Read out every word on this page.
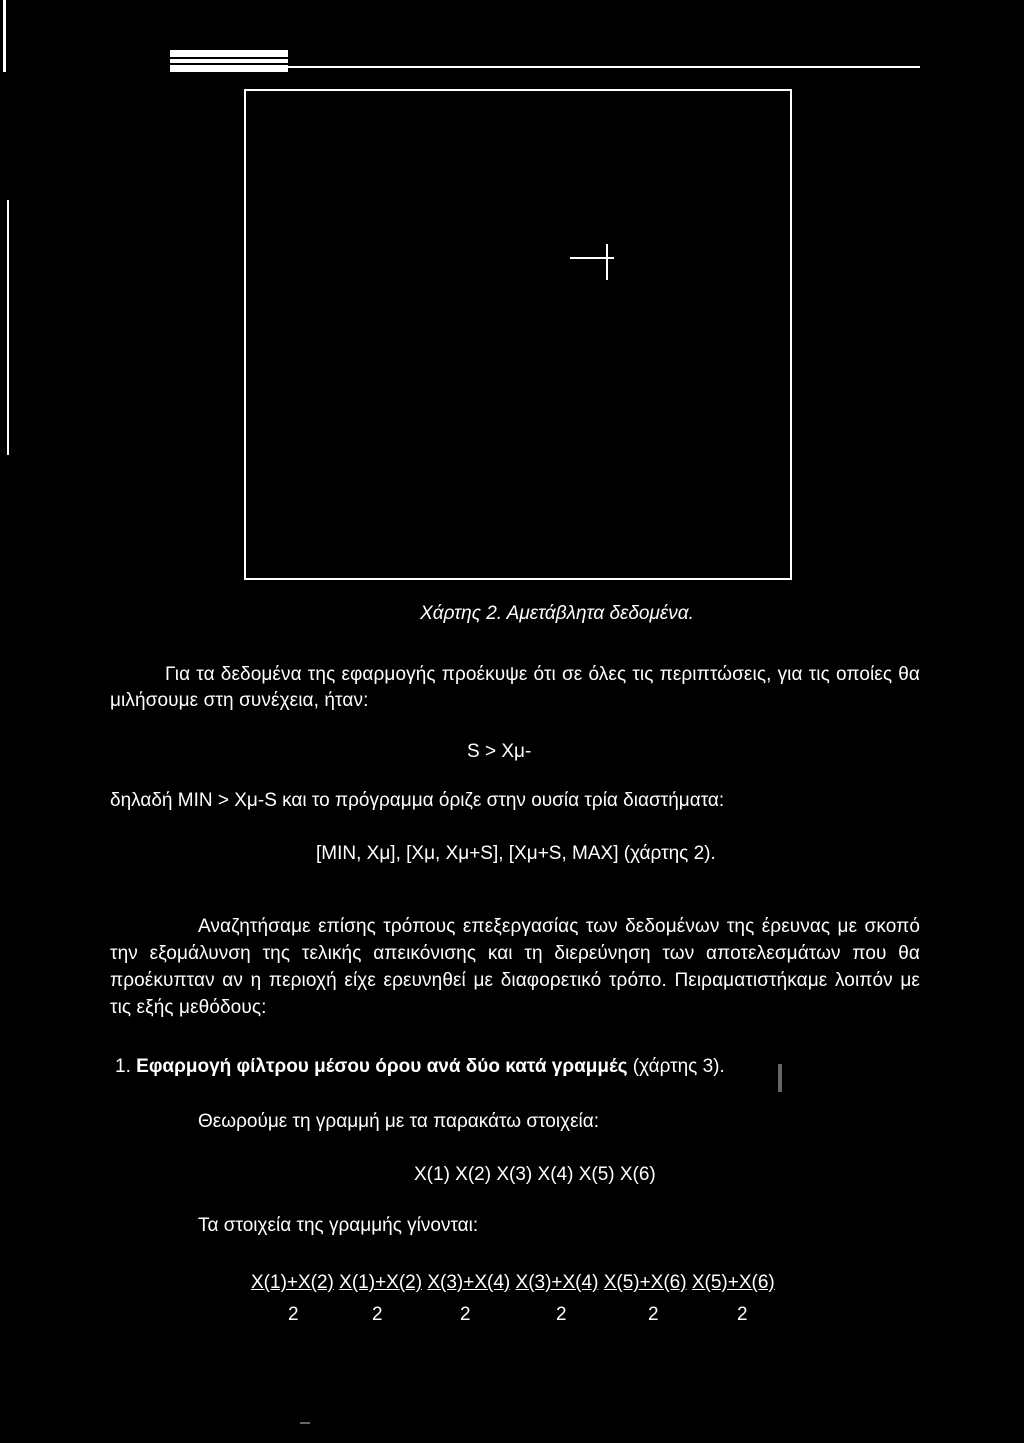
Χάρτης 2. Αμετάβλητα δεδομένα.
Για τα δεδομένα της εφαρμογής προέκυψε ότι σε όλες τις περιπτώσεις, για τις οποίες θα μιλήσουμε στη συνέχεια, ήταν:
S > Xμ-
δηλαδή MIN > Xμ-S και το πρόγραμμα όριζε στην ουσία τρία διαστήματα:
[MIN, Xμ], [Xμ, Xμ+S], [Xμ+S, MAX] (χάρτης 2).
Αναζητήσαμε επίσης τρόπους επεξεργασίας των δεδομένων της έρευνας με σκοπό την εξομάλυνση της τελικής απεικόνισης και τη διερεύνηση των αποτελεσμάτων που θα προέκυπταν αν η περιοχή είχε ερευνηθεί με διαφορετικό τρόπο. Πειραματιστήκαμε λοιπόν με τις εξής μεθόδους:
1. Εφαρμογή φίλτρου μέσου όρου ανά δύο κατά γραμμές (χάρτης 3).
Θεωρούμε τη γραμμή με τα παρακάτω στοιχεία:
X(1) X(2) X(3) X(4) X(5) X(6)
Τα στοιχεία της γραμμής γίνονται:
X(1)+X(2) X(1)+X(2) X(3)+X(4) X(3)+X(4) X(5)+X(6) X(5)+X(6)
2	2	2	2	2	2
